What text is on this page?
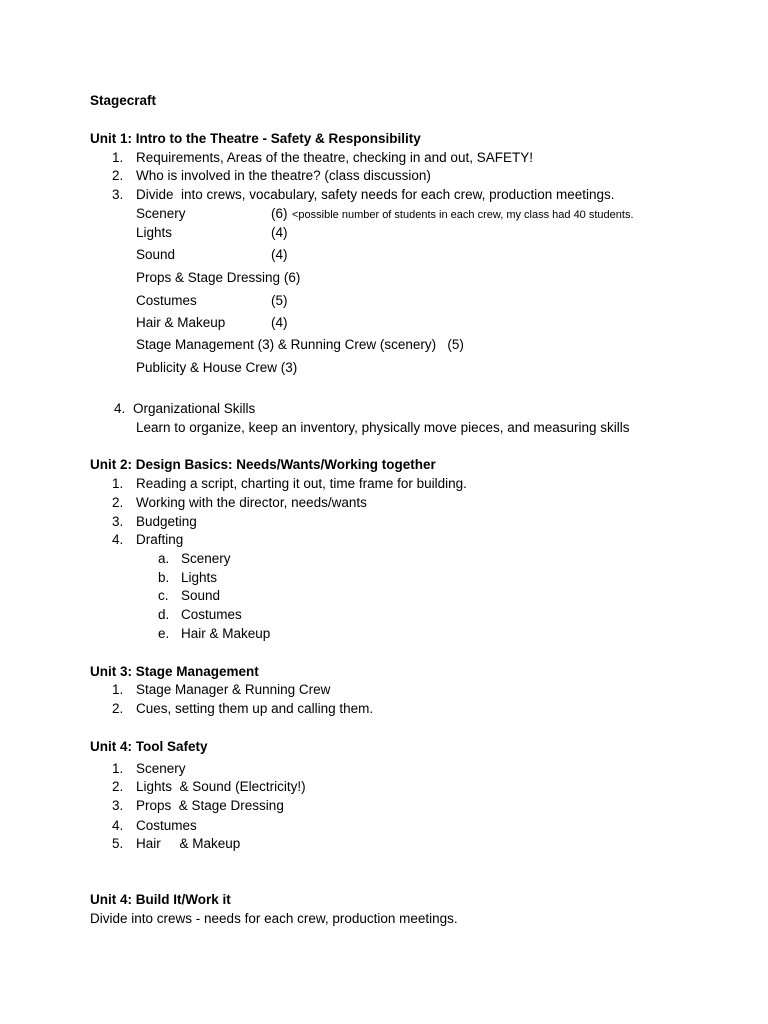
Stagecraft
Unit 1: Intro to the Theatre - Safety & Responsibility
1. Requirements, Areas of the theatre, checking in and out, SAFETY!
2. Who is involved in the theatre? (class discussion)
3. Divide  into crews, vocabulary, safety needs for each crew, production meetings.
Scenery	(6) <possible number of students in each crew, my class had 40 students.
Lights	(4)
Sound	(4)
Props & Stage Dressing (6)
Costumes	(5)
Hair & Makeup	(4)
Stage Management (3) & Running Crew (scenery)   (5)
Publicity & House Crew (3)
4. Organizational Skills
Learn to organize, keep an inventory, physically move pieces, and measuring skills
Unit 2: Design Basics: Needs/Wants/Working together
1. Reading a script, charting it out, time frame for building.
2. Working with the director, needs/wants
3. Budgeting
4. Drafting
a. Scenery
b. Lights
c. Sound
d. Costumes
e. Hair & Makeup
Unit 3: Stage Management
1. Stage Manager & Running Crew
2. Cues, setting them up and calling them.
Unit 4: Tool Safety
1. Scenery
2. Lights  & Sound (Electricity!)
3. Props  & Stage Dressing
4. Costumes
5. Hair     & Makeup
Unit 4: Build It/Work it
Divide into crews - needs for each crew, production meetings.
